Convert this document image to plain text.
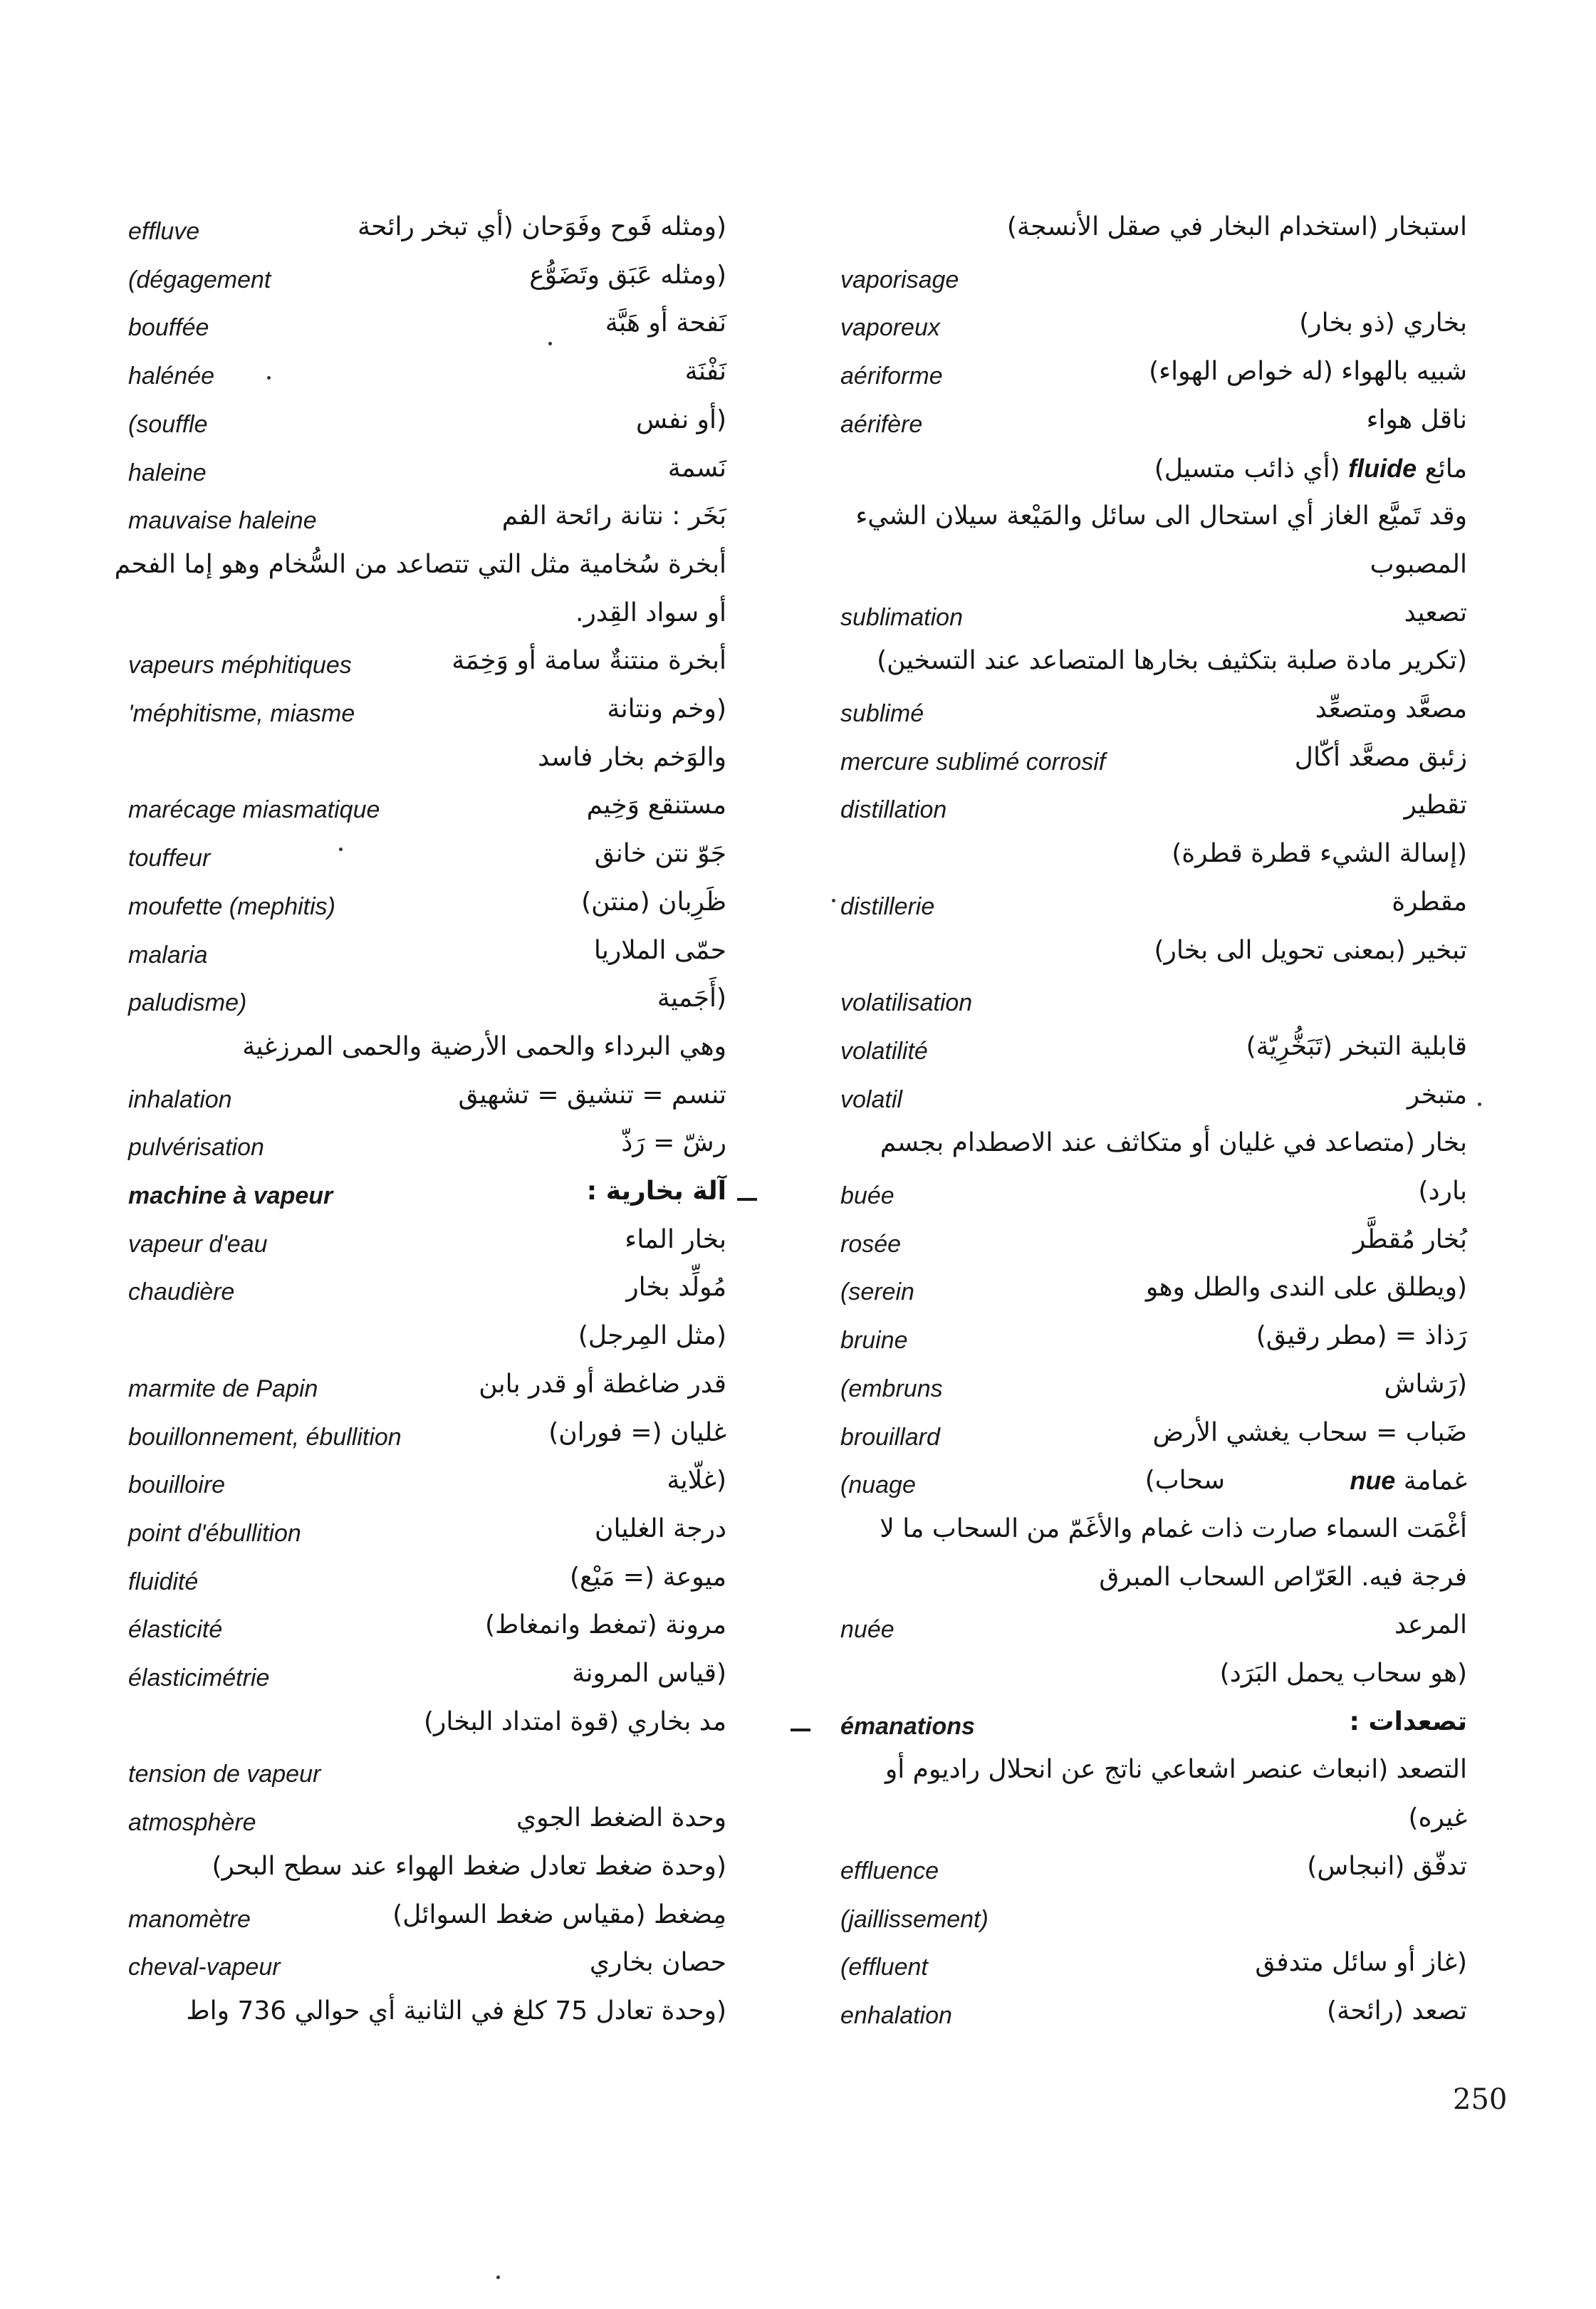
effluve	(ومثله فَوح وفَوَحان (أي تبخر رائحة
(dégagement	(ومثله عَبَق وتَضَوُّع
bouffée	نَفحة أو هَبَّة
halénée	نَفْنَة
(souffle	(أو نفس
haleine	نَسمة
mauvaise haleine	بَخَر : نتانة رائحة الفم
أبخرة سُخامية مثل التي تتصاعد من السُّخام وهو إما الفحم
أو سواد القِدر.
vapeurs méphitiques	أبخرة منتنةٌ سامة أو وَخِمَة
'méphitisme, miasme	(وخم ونتانة
والوَخم بخار فاسد
marécage miasmatique	مستنقع وَخِيم
touffeur	جَوّ نتن خانق
moufette (mephitis)	ظَرِبان (منتن)
malaria	حمّى الملاريا
paludisme)	(أَجَمية
وهي البرداء والحمى الأرضية والحمى المرزغية
inhalation	تنسم = تنشيق = تشهيق
pulvérisation	رشّ = رَذّ
machine à vapeur	آلة بخارية :
vapeur d'eau	بخار الماء
chaudière	مُولِّد بخار
(مثل المِرجل)
marmite de Papin	قدر ضاغطة أو قدر بابن
bouillonnement, ébullition	غليان (= فوران)
bouilloire	(غلّاية
point d'ébullition	درجة الغليان
fluidité	ميوعة (= مَيْع)
élasticité	مرونة (تمغط وانمغاط)
élasticimétrie	(قياس المرونة
مد بخاري (قوة امتداد البخار)
tension de vapeur
atmosphère	وحدة الضغط الجوي
(وحدة ضغط تعادل ضغط الهواء عند سطح البحر)
manomètre	مِضغط (مقياس ضغط السوائل)
cheval-vapeur	حصان بخاري
(وحدة تعادل 75 كلغ في الثانية أي حوالي 736 واط
استبخار (استخدام البخار في صقل الأنسجة)
vaporisage
vaporeux	بخاري (ذو بخار)
aériforme	شبيه بالهواء (له خواص الهواء)
aérifère	ناقل هواء
مائع fluide (أي ذائب متسيل)
وقد تَميَّع الغاز أي استحال الى سائل والمَيْعة سيلان الشيء
المصبوب
sublimation	تصعيد
(تكرير مادة صلبة بتكثيف بخارها المتصاعد عند التسخين)
sublimé	مصعَّد ومتصعِّد
mercure sublimé corrosif	زئبق مصعَّد أكّال
distillation	تقطير
(إسالة الشيء قطرة قطرة)
distillerie	مقطرة
تبخير (بمعنى تحويل الى بخار)
volatilisation
volatilité	قابلية التبخر (تَبَخُّرِيّة)
volatil	متبخر
بخار (متصاعد في غليان أو متكاثف عند الاصطدام بجسم
buée	بارد)
rosée	بُخار مُقطَّر
(serein	(ويطلق على الندى والطل وهو
bruine	رَذاذ = (مطر رقيق)
(embruns	(رَشاش
brouillard	ضَباب = سحاب يغشي الأرض
(nuage	سحاب)	غمامة nue
أغْمَت السماء صارت ذات غمام والأغَمّ من السحاب ما لا
فرجة فيه. العَرّاص السحاب المبرق
nuée	المرعد
(هو سحاب يحمل البَرَد)
émanations	تصعدات :
التصعد (انبعاث عنصر اشعاعي ناتج عن انحلال راديوم أو
غيره)
effluence	تدفّق (انبجاس)
(jaillissement)
(effluent	(غاز أو سائل متدفق
enhalation	تصعد (رائحة)
250
